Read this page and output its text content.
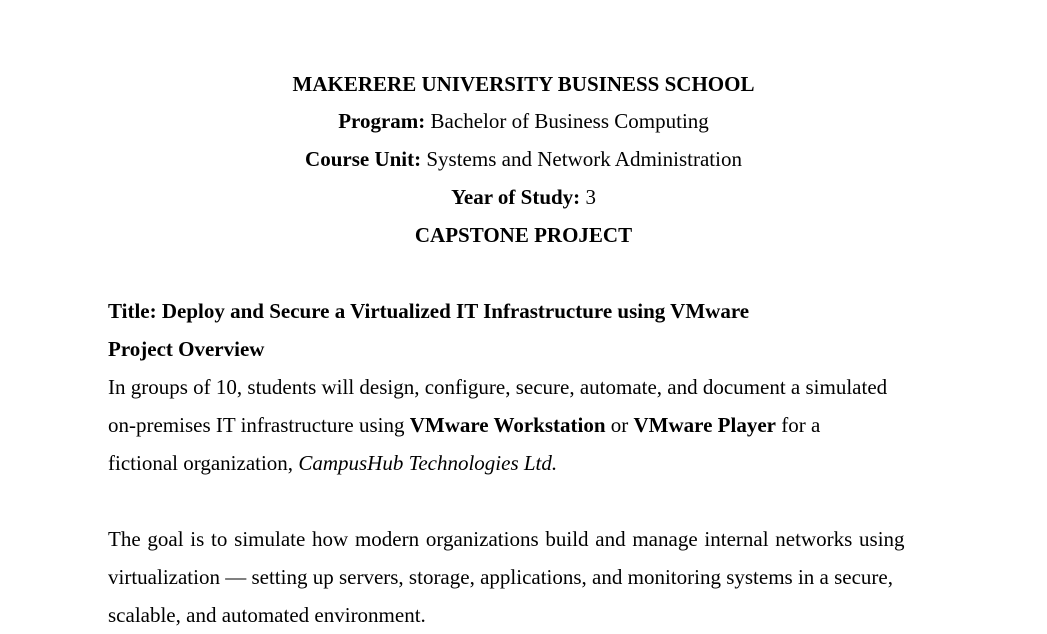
MAKERERE UNIVERSITY BUSINESS SCHOOL
Program: Bachelor of Business Computing
Course Unit: Systems and Network Administration
Year of Study: 3
CAPSTONE PROJECT
Title: Deploy and Secure a Virtualized IT Infrastructure using VMware
Project Overview
In groups of 10, students will design, configure, secure, automate, and document a simulated
on-premises IT infrastructure using VMware Workstation or VMware Player for a
fictional organization, CampusHub Technologies Ltd.
The goal is to simulate how modern organizations build and manage internal networks using
virtualization — setting up servers, storage, applications, and monitoring systems in a secure,
scalable, and automated environment.
